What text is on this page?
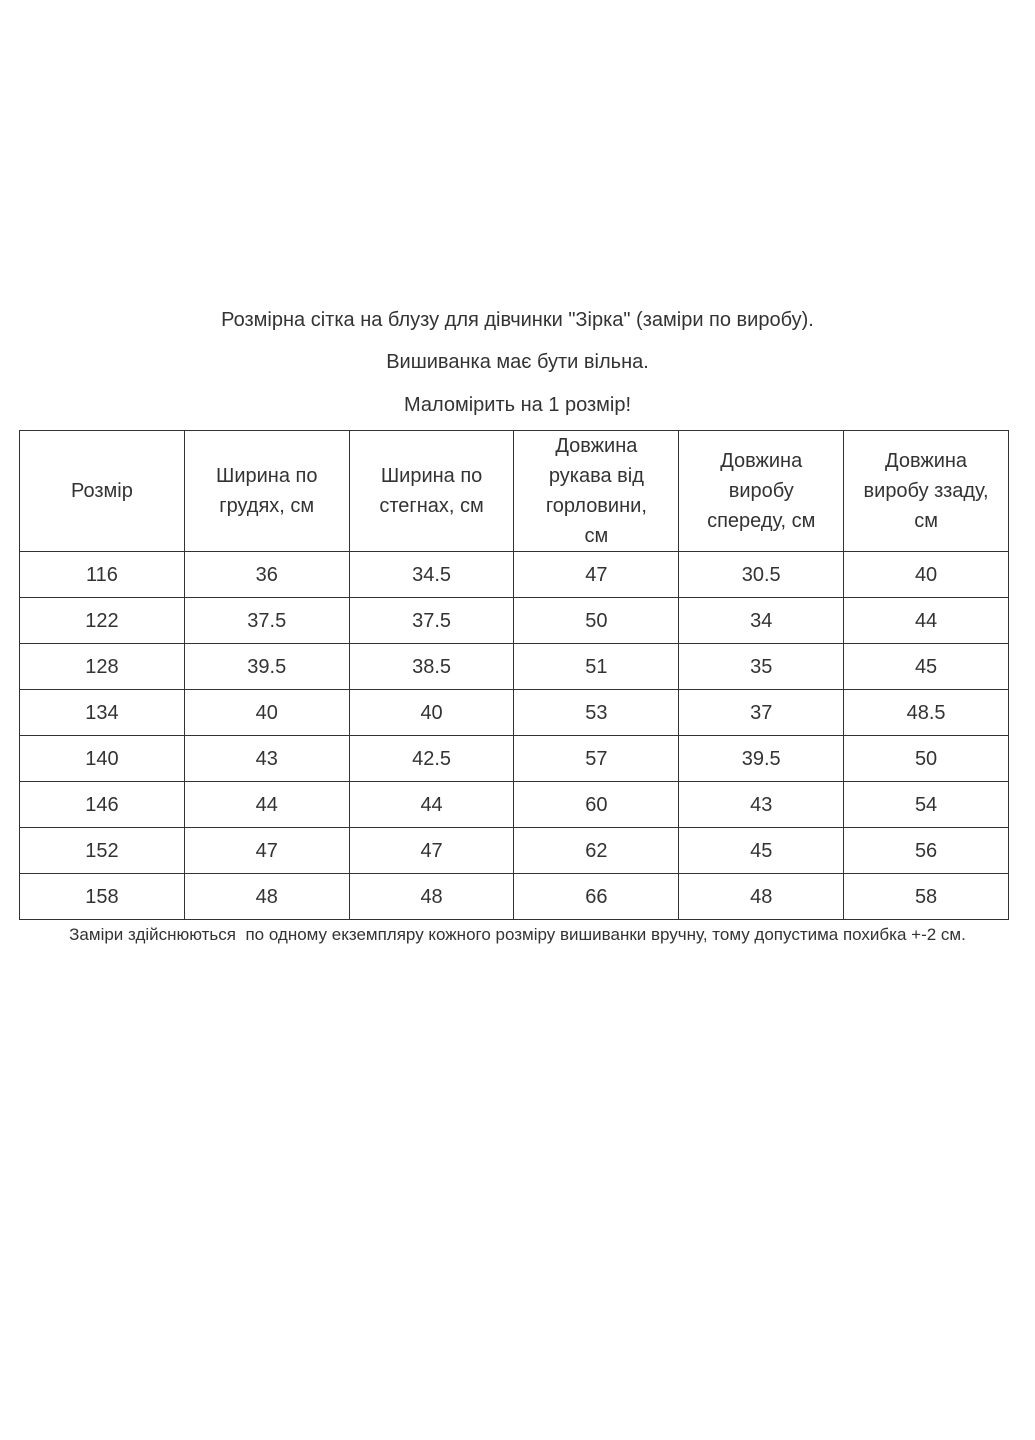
Розмірна сітка на блузу для дівчинки "Зірка" (заміри по виробу).

Вишиванка має бути вільна.

Маломірить на 1 розмір!

Розмір	Ширина по грудях, см	Ширина по стегнах, см	Довжина рукава від горловини, см	Довжина виробу спереду, см	Довжина виробу ззаду, см
116	36	34.5	47	30.5	40
122	37.5	37.5	50	34	44
128	39.5	38.5	51	35	45
134	40	40	53	37	48.5
140	43	42.5	57	39.5	50
146	44	44	60	43	54
152	47	47	62	45	56
158	48	48	66	48	58

Заміри здійснюються  по одному екземпляру кожного розміру вишиванки вручну, тому допустима похибка +-2 см.
